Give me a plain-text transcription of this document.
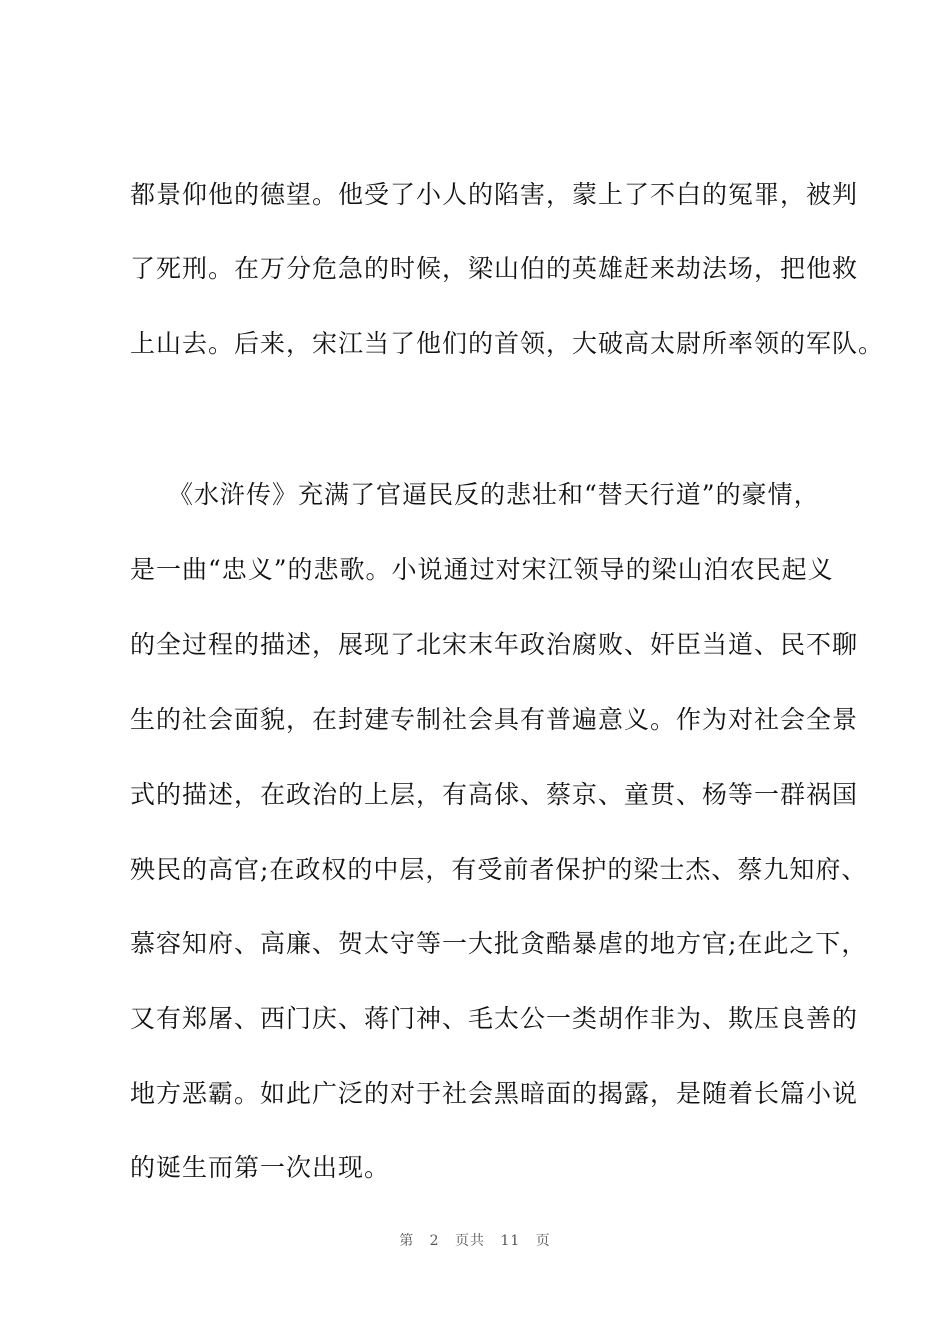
都景仰他的德望。他受了小人的陷害，蒙上了不白的冤罪，被判
了死刑。在万分危急的时候，梁山伯的英雄赶来劫法场，把他救
上山去。后来，宋江当了他们的首领，大破高太尉所率领的军队。
《水浒传》充满了官逼民反的悲壮和“替天行道”的豪情，
是一曲“忠义”的悲歌。小说通过对宋江领导的梁山泊农民起义
的全过程的描述，展现了北宋末年政治腐败、奸臣当道、民不聊
生的社会面貌，在封建专制社会具有普遍意义。作为对社会全景
式的描述，在政治的上层，有高俅、蔡京、童贯、杨等一群祸国
殃民的高官;在政权的中层，有受前者保护的梁士杰、蔡九知府、
慕容知府、高廉、贺太守等一大批贪酷暴虐的地方官;在此之下，
又有郑屠、西门庆、蒋门神、毛太公一类胡作非为、欺压良善的
地方恶霸。如此广泛的对于社会黑暗面的揭露，是随着长篇小说
的诞生而第一次出现。
第 2 页共 11 页
